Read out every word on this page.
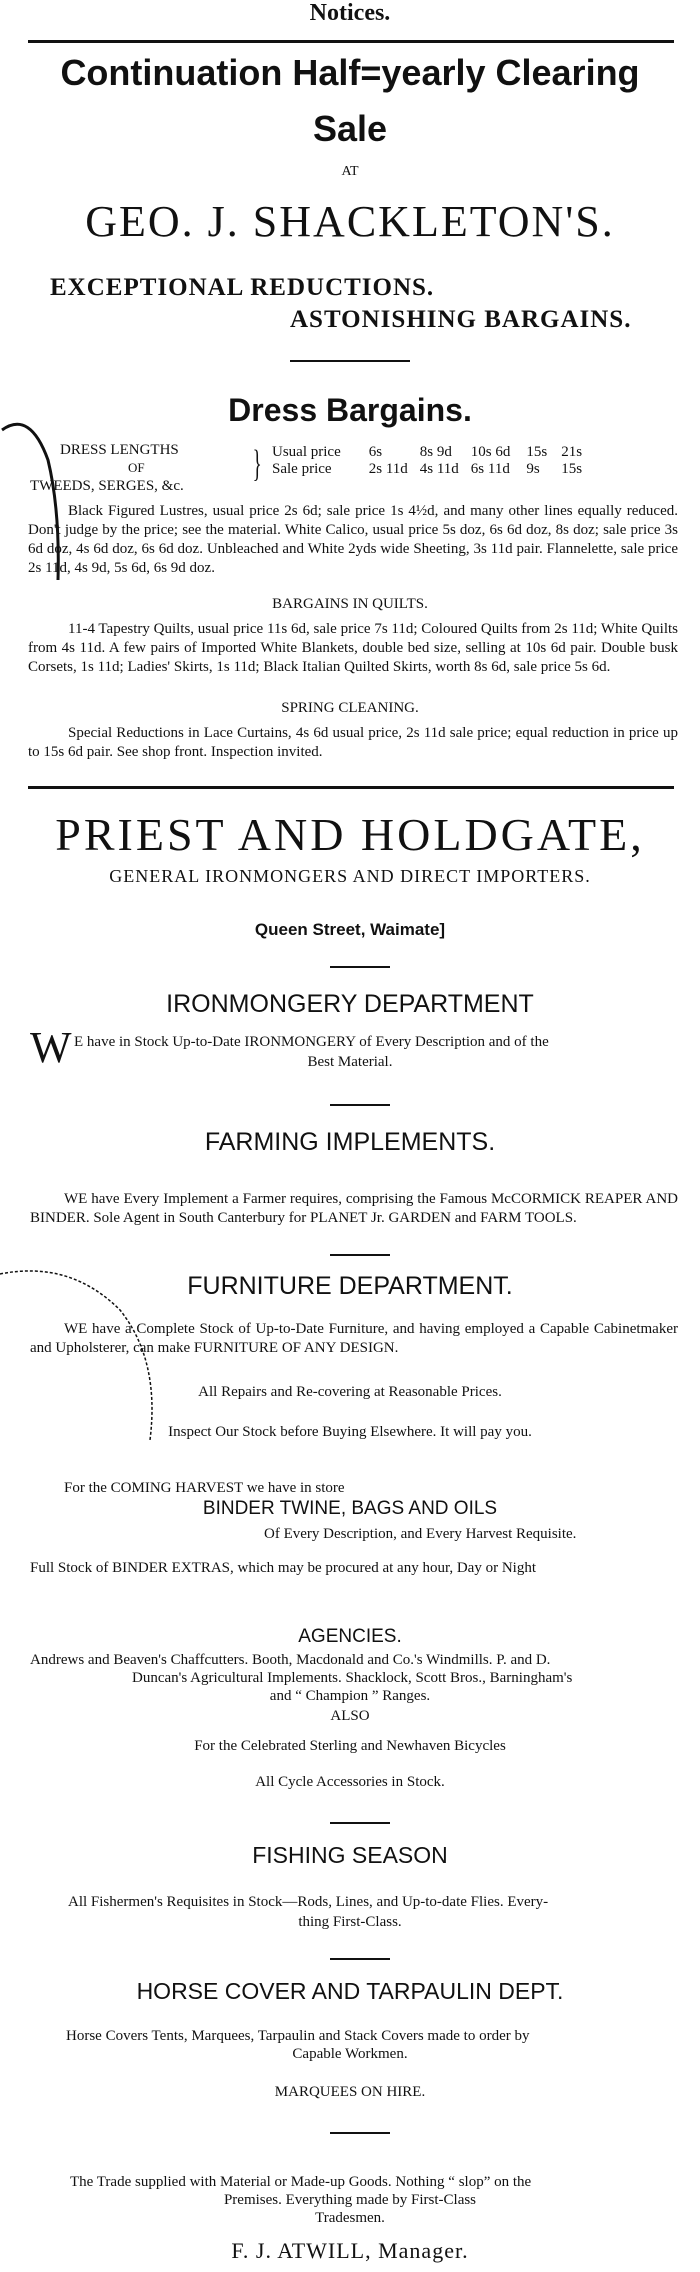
Notices.
Continuation Half=yearly Clearing
Sale
AT
GEO. J. SHACKLETON'S.
EXCEPTIONAL REDUCTIONS.
ASTONISHING BARGAINS.
Dress Bargains.
DRESS LENGTHS
OF
TWEEDS, SERGES, &c.
} Usual price	6s	8s 9d	10s 6d	15s	21s
Sale price	2s 11d	4s 11d	6s 11d	9s	15s
Black Figured Lustres, usual price 2s 6d; sale price 1s 4½d, and many other lines equally reduced. Don't judge by the price; see the material. White Calico, usual price 5s doz, 6s 6d doz, 8s doz; sale price 3s 6d doz, 4s 6d doz, 6s 6d doz. Unbleached and White 2yds wide Sheeting, 3s 11d pair. Flannelette, sale price 2s 11d, 4s 9d, 5s 6d, 6s 9d doz.
BARGAINS IN QUILTS.
11-4 Tapestry Quilts, usual price 11s 6d, sale price 7s 11d; Coloured Quilts from 2s 11d; White Quilts from 4s 11d. A few pairs of Imported White Blankets, double bed size, selling at 10s 6d pair. Double busk Corsets, 1s 11d; Ladies' Skirts, 1s 11d; Black Italian Quilted Skirts, worth 8s 6d, sale price 5s 6d.
SPRING CLEANING.
Special Reductions in Lace Curtains, 4s 6d usual price, 2s 11d sale price; equal reduction in price up to 15s 6d pair. See shop front. Inspection invited.
PRIEST AND HOLDGATE,
GENERAL IRONMONGERS AND DIRECT IMPORTERS.
Queen Street, Waimate]
IRONMONGERY DEPARTMENT
W E have in Stock Up-to-Date IRONMONGERY of Every Description and of the
Best Material.
FARMING IMPLEMENTS.
WE have Every Implement a Farmer requires, comprising the Famous McCORMICK REAPER AND BINDER. Sole Agent in South Canterbury for PLANET Jr. GARDEN and FARM TOOLS.
FURNITURE DEPARTMENT.
WE have a Complete Stock of Up-to-Date Furniture, and having employed a Capable Cabinetmaker and Upholsterer, can make FURNITURE OF ANY DESIGN.
All Repairs and Re-covering at Reasonable Prices.
Inspect Our Stock before Buying Elsewhere. It will pay you.
For the COMING HARVEST we have in store
BINDER TWINE, BAGS AND OILS
Of Every Description, and Every Harvest Requisite.
Full Stock of BINDER EXTRAS, which may be procured at any hour, Day or Night
AGENCIES.
Andrews and Beaven's Chaffcutters. Booth, Macdonald and Co.'s Windmills. P. and D.
Duncan's Agricultural Implements. Shacklock, Scott Bros., Barningham's
and “ Champion ” Ranges.
ALSO
For the Celebrated Sterling and Newhaven Bicycles
All Cycle Accessories in Stock.
FISHING SEASON
All Fishermen's Requisites in Stock—Rods, Lines, and Up-to-date Flies. Every-
thing First-Class.
HORSE COVER AND TARPAULIN DEPT.
Horse Covers Tents, Marquees, Tarpaulin and Stack Covers made to order by
Capable Workmen.
MARQUEES ON HIRE.
The Trade supplied with Material or Made-up Goods. Nothing “ slop” on the
Premises. Everything made by First-Class
Tradesmen.
F. J. ATWILL, Manager.
